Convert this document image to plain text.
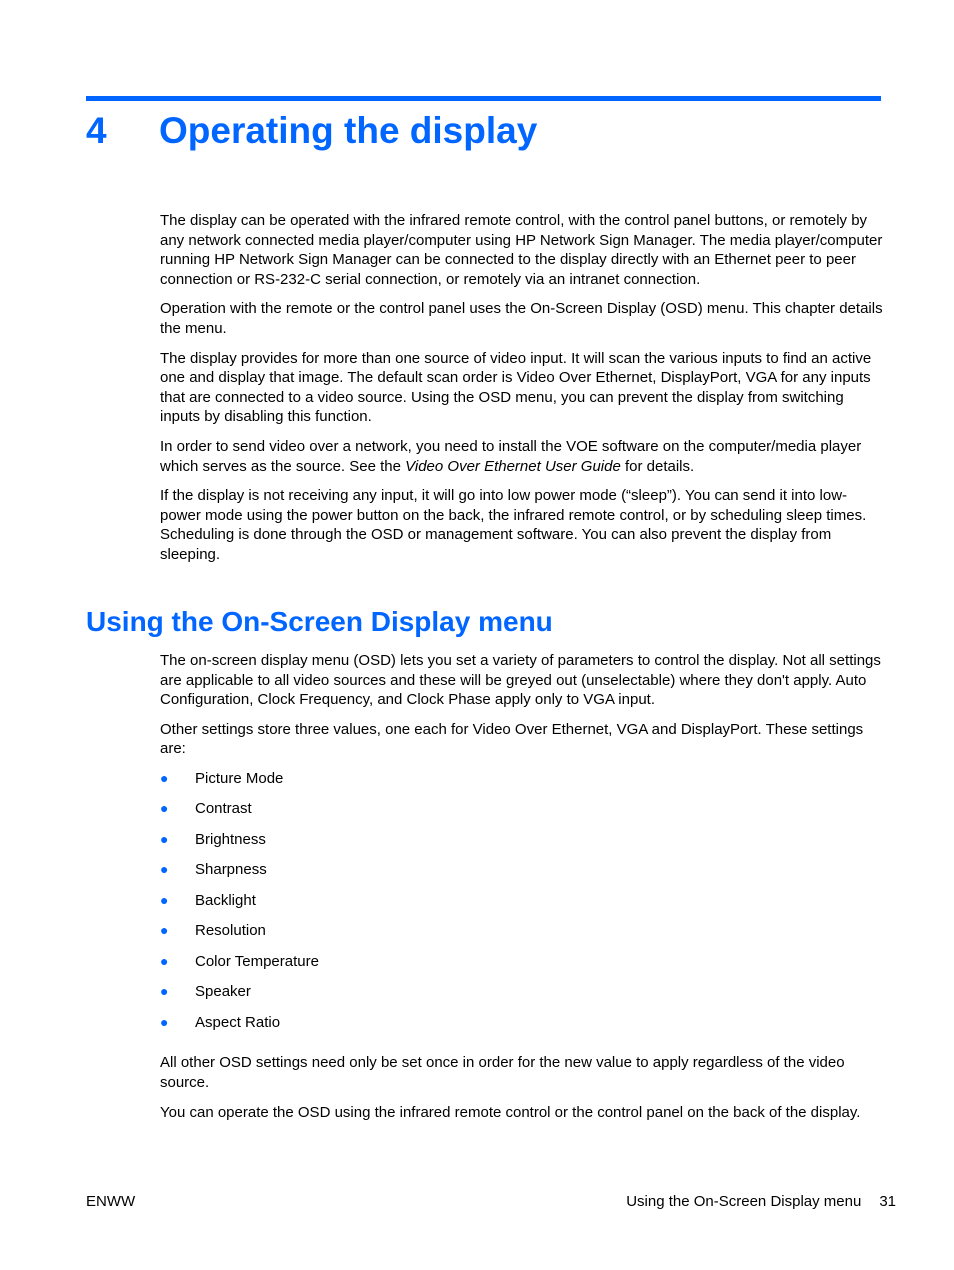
4 Operating the display

The display can be operated with the infrared remote control, with the control panel buttons, or remotely by any network connected media player/computer using HP Network Sign Manager. The media player/computer running HP Network Sign Manager can be connected to the display directly with an Ethernet peer to peer connection or RS-232-C serial connection, or remotely via an intranet connection.

Operation with the remote or the control panel uses the On-Screen Display (OSD) menu. This chapter details the menu.

The display provides for more than one source of video input. It will scan the various inputs to find an active one and display that image. The default scan order is Video Over Ethernet, DisplayPort, VGA for any inputs that are connected to a video source. Using the OSD menu, you can prevent the display from switching inputs by disabling this function.

In order to send video over a network, you need to install the VOE software on the computer/media player which serves as the source. See the Video Over Ethernet User Guide for details.

If the display is not receiving any input, it will go into low power mode (“sleep”). You can send it into low-power mode using the power button on the back, the infrared remote control, or by scheduling sleep times. Scheduling is done through the OSD or management software. You can also prevent the display from sleeping.

Using the On-Screen Display menu

The on-screen display menu (OSD) lets you set a variety of parameters to control the display. Not all settings are applicable to all video sources and these will be greyed out (unselectable) where they don't apply. Auto Configuration, Clock Frequency, and Clock Phase apply only to VGA input.

Other settings store three values, one each for Video Over Ethernet, VGA and DisplayPort. These settings are:

● Picture Mode
● Contrast
● Brightness
● Sharpness
● Backlight
● Resolution
● Color Temperature
● Speaker
● Aspect Ratio

All other OSD settings need only be set once in order for the new value to apply regardless of the video source.

You can operate the OSD using the infrared remote control or the control panel on the back of the display.

ENWW	Using the On-Screen Display menu 31
